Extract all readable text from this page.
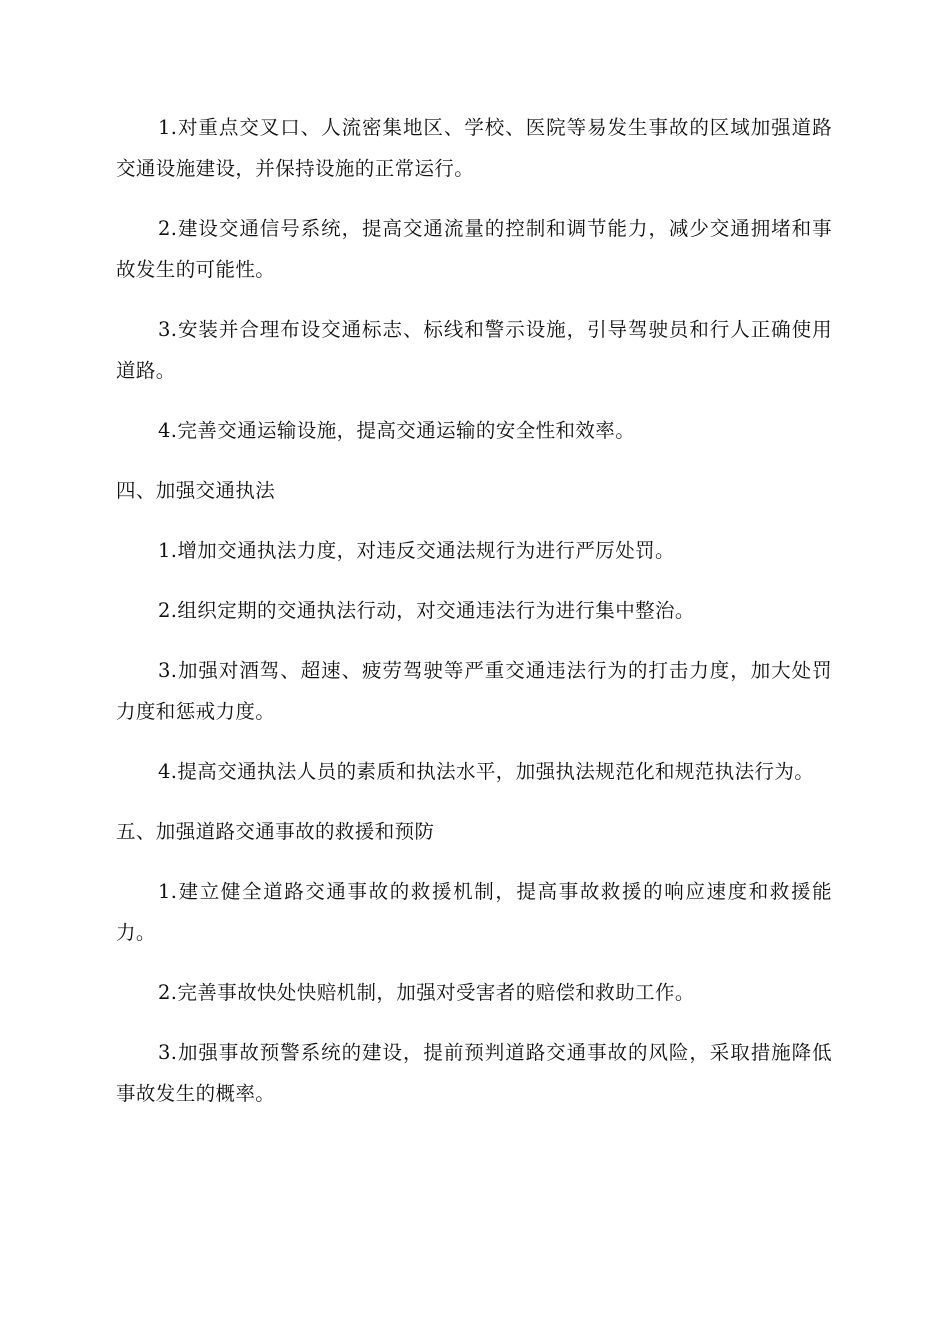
1.对重点交叉口、人流密集地区、学校、医院等易发生事故的区域加强道路交通设施建设，并保持设施的正常运行。

2.建设交通信号系统，提高交通流量的控制和调节能力，减少交通拥堵和事故发生的可能性。

3.安装并合理布设交通标志、标线和警示设施，引导驾驶员和行人正确使用道路。

4.完善交通运输设施，提高交通运输的安全性和效率。

四、加强交通执法

1.增加交通执法力度，对违反交通法规行为进行严厉处罚。

2.组织定期的交通执法行动，对交通违法行为进行集中整治。

3.加强对酒驾、超速、疲劳驾驶等严重交通违法行为的打击力度，加大处罚力度和惩戒力度。

4.提高交通执法人员的素质和执法水平，加强执法规范化和规范执法行为。

五、加强道路交通事故的救援和预防

1.建立健全道路交通事故的救援机制，提高事故救援的响应速度和救援能力。

2.完善事故快处快赔机制，加强对受害者的赔偿和救助工作。

3.加强事故预警系统的建设，提前预判道路交通事故的风险，采取措施降低事故发生的概率。
